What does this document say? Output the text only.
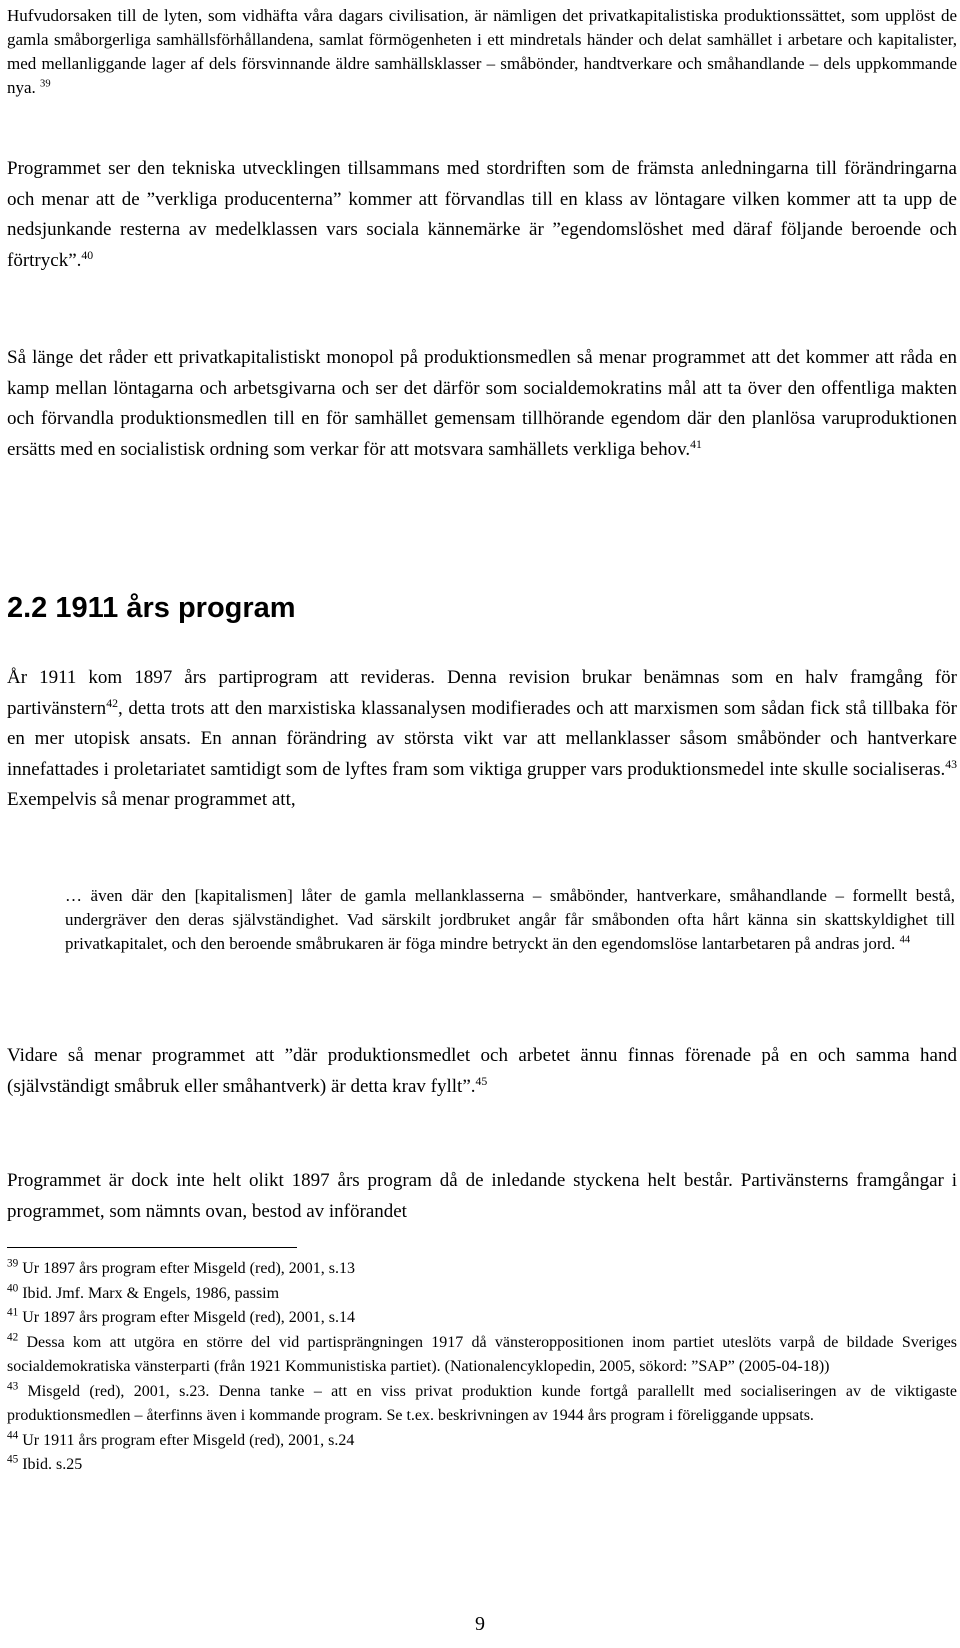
Hufvudorsaken till de lyten, som vidhäfta våra dagars civilisation, är nämligen det privatkapitalistiska produktionssättet, som upplöst de gamla småborgerliga samhällsförhållandena, samlat förmögenheten i ett mindretals händer och delat samhället i arbetare och kapitalister, med mellanliggande lager af dels försvinnande äldre samhällsklasser – småbönder, handtverkare och småhandlande – dels uppkommande nya. $^{39}$

Programmet ser den tekniska utvecklingen tillsammans med stordriften som de främsta anledningarna till förändringarna och menar att de ”verkliga producenterna” kommer att förvandlas till en klass av löntagare vilken kommer att ta upp de nedsjunkande resterna av medelklassen vars sociala kännemärke är ”egendomslöshet med däraf följande beroende och förtryck”.$^{40}$

Så länge det råder ett privatkapitalistiskt monopol på produktionsmedlen så menar programmet att det kommer att råda en kamp mellan löntagarna och arbetsgivarna och ser det därför som socialdemokratins mål att ta över den offentliga makten och förvandla produktionsmedlen till en för samhället gemensam tillhörande egendom där den planlösa varuproduktionen ersätts med en socialistisk ordning som verkar för att motsvara samhällets verkliga behov.$^{41}$

2.2 1911 års program

År 1911 kom 1897 års partiprogram att revideras. Denna revision brukar benämnas som en halv framgång för partivänstern$^{42}$, detta trots att den marxistiska klassanalysen modifierades och att marxismen som sådan fick stå tillbaka för en mer utopisk ansats. En annan förändring av största vikt var att mellanklasser såsom småbönder och hantverkare innefattades i proletariatet samtidigt som de lyftes fram som viktiga grupper vars produktionsmedel inte skulle socialiseras.$^{43}$ Exempelvis så menar programmet att,

… även där den [kapitalismen] låter de gamla mellanklasserna – småbönder, hantverkare, småhandlande – formellt bestå, undergräver den deras självständighet. Vad särskilt jordbruket angår får småbonden ofta hårt känna sin skattskyldighet till privatkapitalet, och den beroende småbrukaren är föga mindre betryckt än den egendomslöse lantarbetaren på andras jord. $^{44}$

Vidare så menar programmet att ”där produktionsmedlet och arbetet ännu finnas förenade på en och samma hand (självständigt småbruk eller småhantverk) är detta krav fyllt”.$^{45}$

Programmet är dock inte helt olikt 1897 års program då de inledande styckena helt består. Partivänsterns framgångar i programmet, som nämnts ovan, bestod av införandet

$^{39}$ Ur 1897 års program efter Misgeld (red), 2001, s.13
$^{40}$ Ibid. Jmf. Marx & Engels, 1986, passim
$^{41}$ Ur 1897 års program efter Misgeld (red), 2001, s.14
$^{42}$ Dessa kom att utgöra en större del vid partisprängningen 1917 då vänsteroppositionen inom partiet uteslöts varpå de bildade Sveriges socialdemokratiska vänsterparti (från 1921 Kommunistiska partiet). (Nationalencyklopedin, 2005, sökord: ”SAP” (2005-04-18))
$^{43}$ Misgeld (red), 2001, s.23. Denna tanke – att en viss privat produktion kunde fortgå parallellt med socialiseringen av de viktigaste produktionsmedlen – återfinns även i kommande program. Se t.ex. beskrivningen av 1944 års program i föreliggande uppsats.
$^{44}$ Ur 1911 års program efter Misgeld (red), 2001, s.24
$^{45}$ Ibid. s.25
9
